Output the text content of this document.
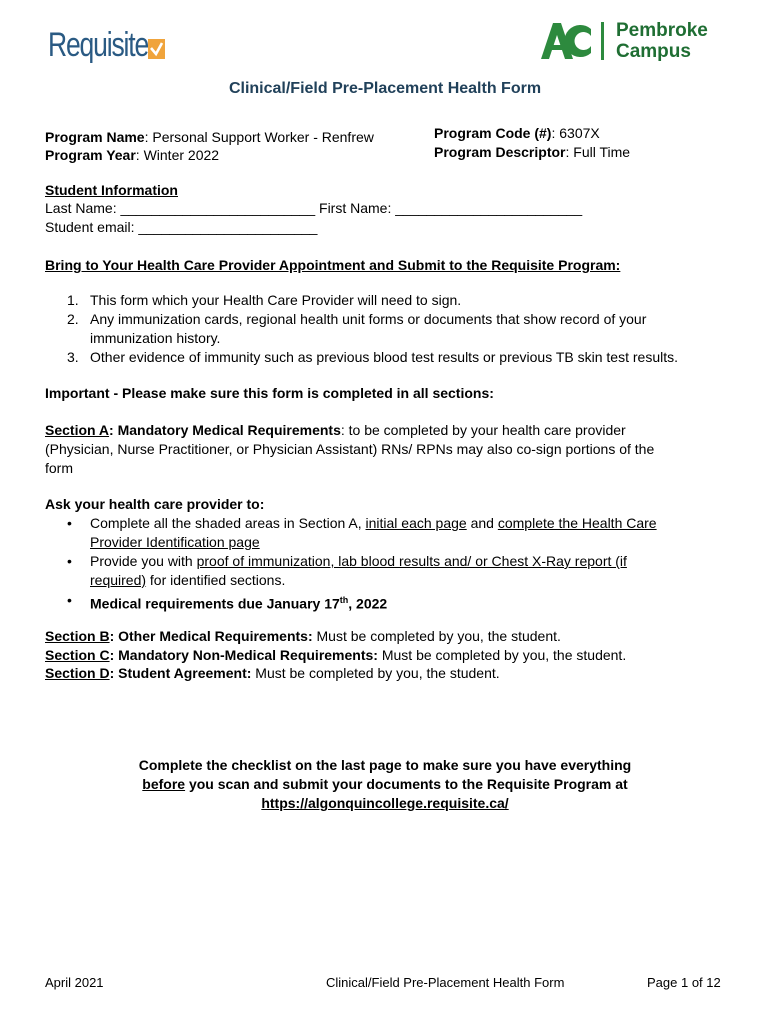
Requisite	Pembroke
Campus
Clinical/Field Pre-Placement Health Form
Program Name: Personal Support Worker - Renfrew
Program Year: Winter 2022
Program Code (#): 6307X
Program Descriptor: Full Time
Student Information
Last Name: _________________________ First Name: ________________________
Student email: _______________________
Bring to Your Health Care Provider Appointment and Submit to the Requisite Program:
1. This form which your Health Care Provider will need to sign.
2. Any immunization cards, regional health unit forms or documents that show record of your
immunization history.
3. Other evidence of immunity such as previous blood test results or previous TB skin test results.
Important - Please make sure this form is completed in all sections:
Section A: Mandatory Medical Requirements: to be completed by your health care provider
(Physician, Nurse Practitioner, or Physician Assistant) RNs/ RPNs may also co-sign portions of the
form
Ask your health care provider to:
• Complete all the shaded areas in Section A, initial each page and complete the Health Care
Provider Identification page
• Provide you with proof of immunization, lab blood results and/ or Chest X-Ray report (if
required) for identified sections.
• Medical requirements due January 17th, 2022
Section B: Other Medical Requirements: Must be completed by you, the student.
Section C: Mandatory Non-Medical Requirements: Must be completed by you, the student.
Section D: Student Agreement: Must be completed by you, the student.
Complete the checklist on the last page to make sure you have everything
before you scan and submit your documents to the Requisite Program at
https://algonquincollege.requisite.ca/
April 2021	Clinical/Field Pre-Placement Health Form	Page 1 of 12
